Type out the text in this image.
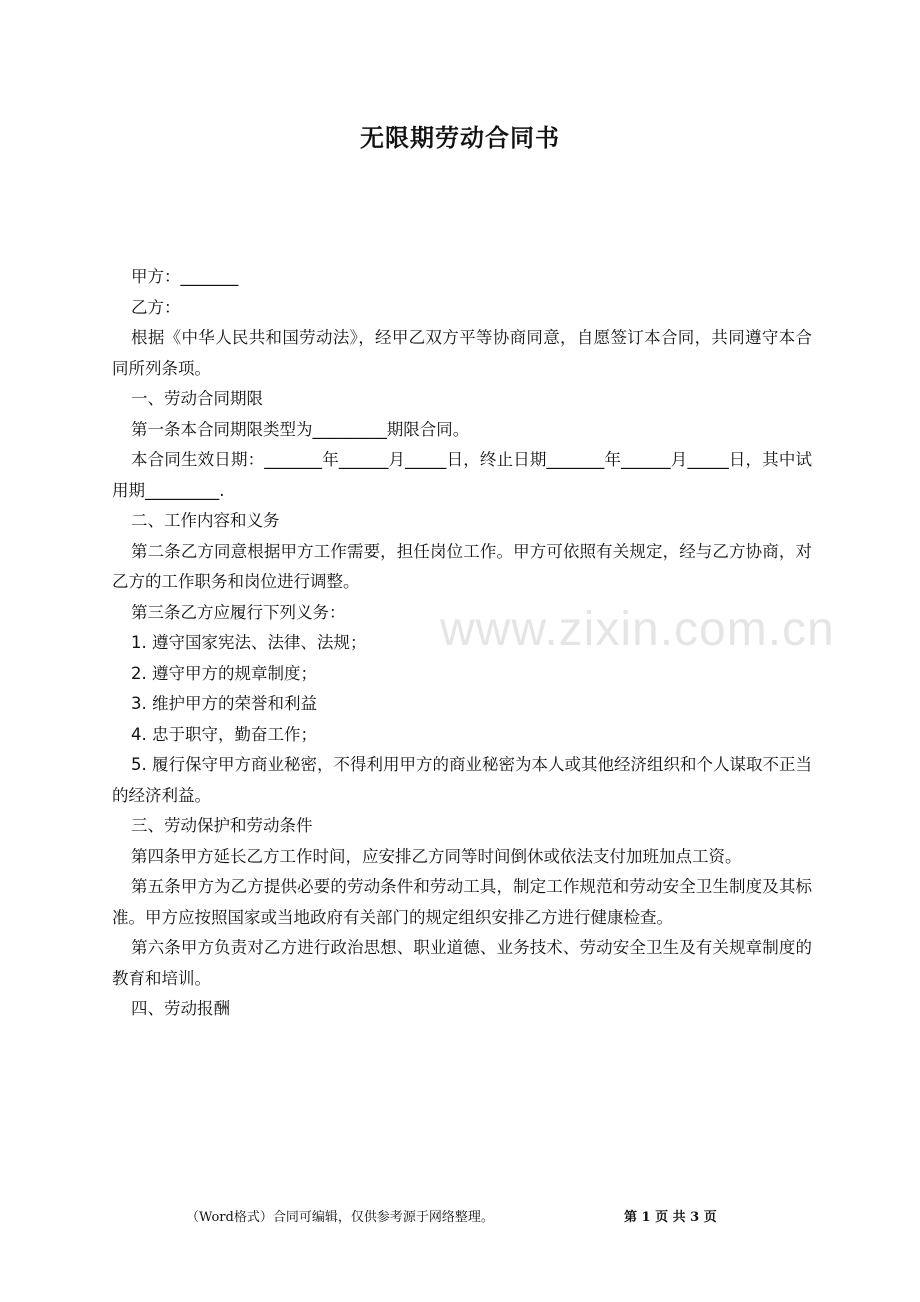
无限期劳动合同书

甲方：_______

乙方：

根据《中华人民共和国劳动法》，经甲乙双方平等协商同意，自愿签订本合同，共同遵守本合同所列条项。

一、劳动合同期限

第一条本合同期限类型为_________期限合同。

本合同生效日期：_______年______月_____日，终止日期_______年______月_____日，其中试用期_________.

二、工作内容和义务

第二条乙方同意根据甲方工作需要，担任岗位工作。甲方可依照有关规定，经与乙方协商，对乙方的工作职务和岗位进行调整。

第三条乙方应履行下列义务：

1. 遵守国家宪法、法律、法规；

2. 遵守甲方的规章制度；

3. 维护甲方的荣誉和利益

4. 忠于职守，勤奋工作；

5. 履行保守甲方商业秘密，不得利用甲方的商业秘密为本人或其他经济组织和个人谋取不正当的经济利益。

三、劳动保护和劳动条件

第四条甲方延长乙方工作时间，应安排乙方同等时间倒休或依法支付加班加点工资。

第五条甲方为乙方提供必要的劳动条件和劳动工具，制定工作规范和劳动安全卫生制度及其标准。甲方应按照国家或当地政府有关部门的规定组织安排乙方进行健康检查。

第六条甲方负责对乙方进行政治思想、职业道德、业务技术、劳动安全卫生及有关规章制度的教育和培训。

四、劳动报酬

www.zixin.com.cn
（Word格式）合同可编辑，仅供参考源于网络整理。	第 1 页 共 3 页
